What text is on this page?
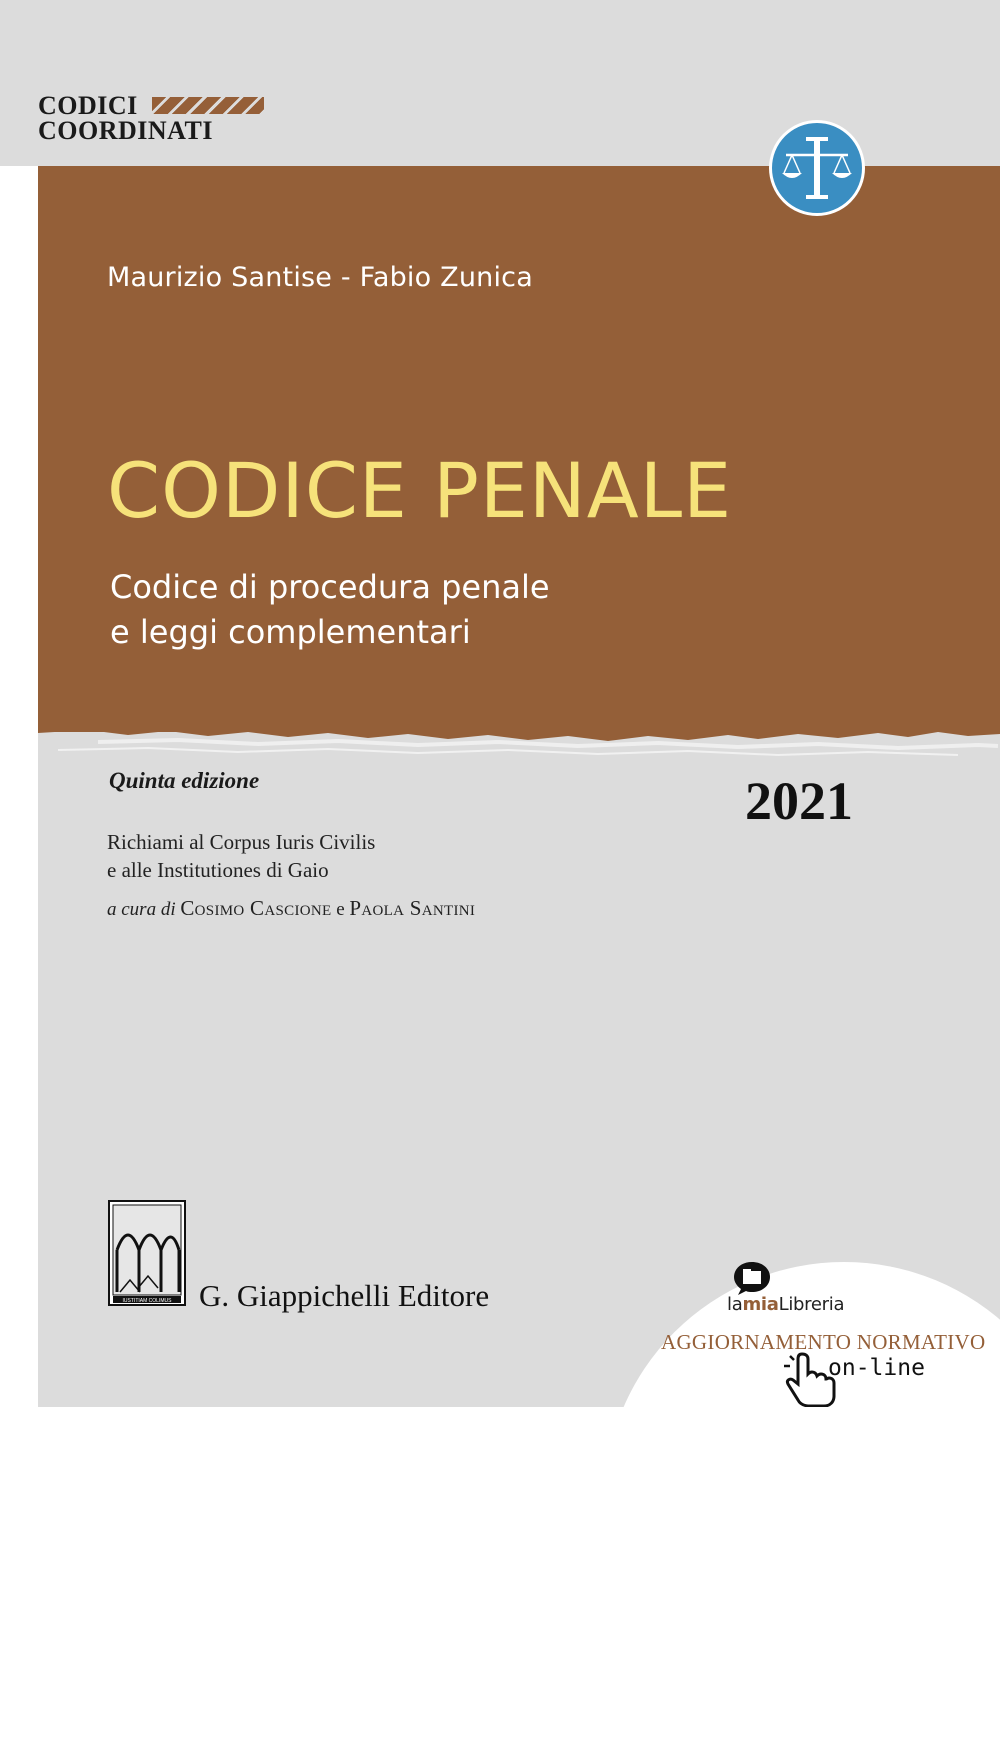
CODICI
COORDINATI
Maurizio Santise - Fabio Zunica
CODICE PENALE
Codice di procedura penale
e leggi complementari

Quinta edizione	2021

Richiami al Corpus Iuris Civilis
e alle Institutiones di Gaio

a cura di Cosimo Cascione e Paola Santini

IUSTITIAM COLIMUS G. Giappichelli Editore	lamiaLibreria

AGGIORNAMENTO NORMATIVO

on-line
